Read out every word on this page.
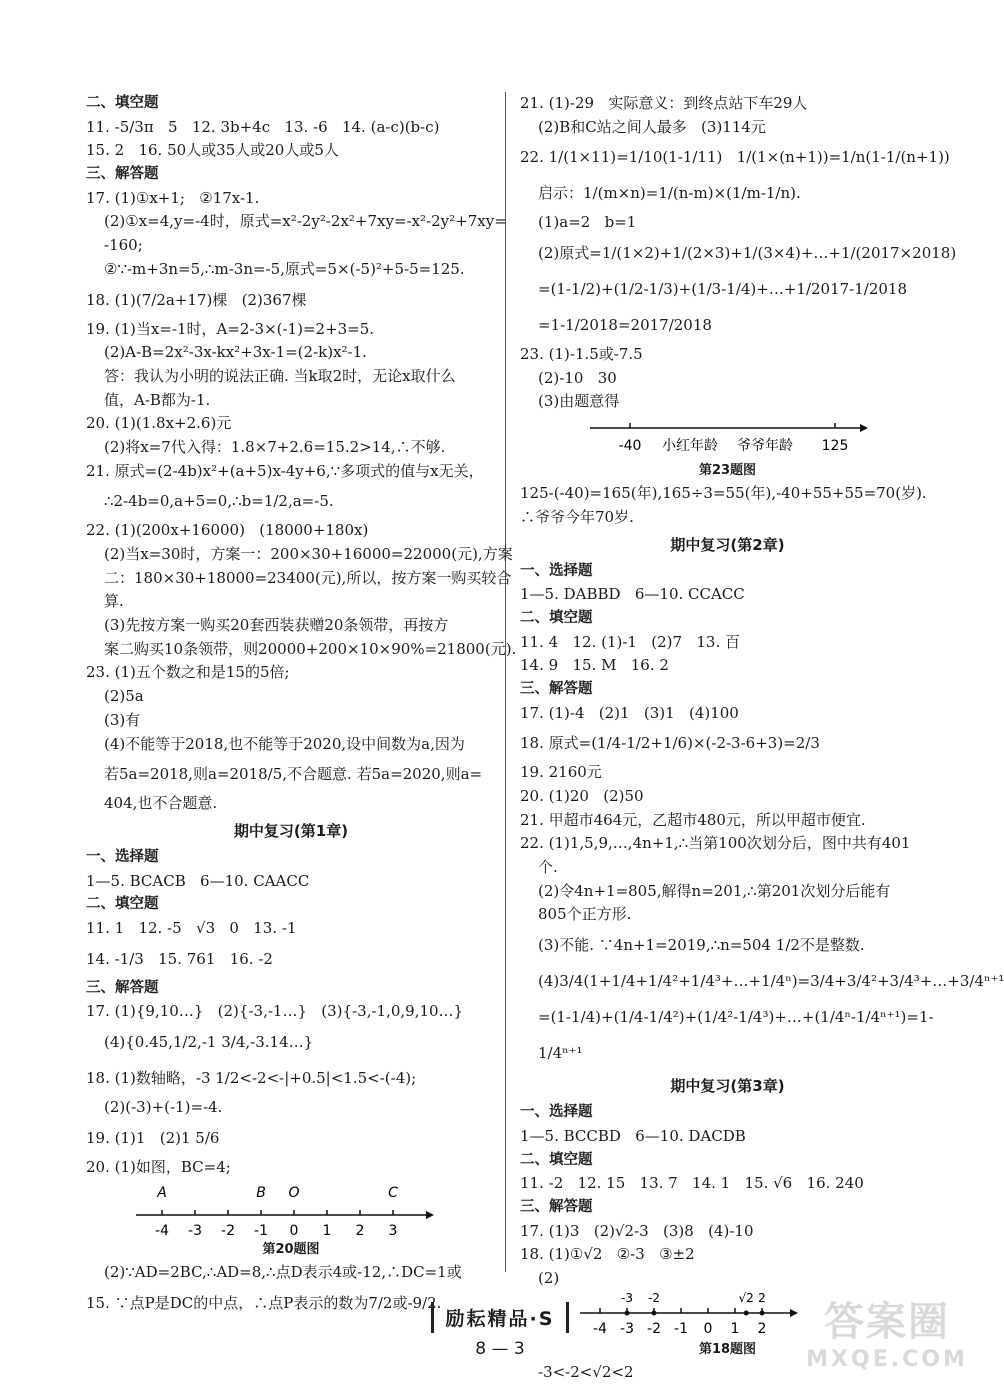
二、填空题
11. -5/3π   5   12. 3b+4c   13. -6   14. (a-c)(b-c)
15. 2   16. 50人或35人或20人或5人
三、解答题
17. (1)①x+1;   ②17x-1.
(2)①x=4,y=-4时，原式=x²-2y²-2x²+7xy=-x²-2y²+7xy=
-160;
②∵-m+3n=5,∴m-3n=-5,原式=5×(-5)²+5-5=125.
18. (1)(7/2a+17)棵   (2)367棵
19. (1)当x=-1时，A=2-3×(-1)=2+3=5.
(2)A-B=2x²-3x-kx²+3x-1=(2-k)x²-1.
答：我认为小明的说法正确. 当k取2时，无论x取什么
值，A-B都为-1.
20. (1)(1.8x+2.6)元
(2)将x=7代入得：1.8×7+2.6=15.2>14,∴不够.
21. 原式=(2-4b)x²+(a+5)x-4y+6,∵多项式的值与x无关，
∴2-4b=0,a+5=0,∴b=1/2,a=-5.
22. (1)(200x+16000)   (18000+180x)
(2)当x=30时，方案一：200×30+16000=22000(元),方案
二：180×30+18000=23400(元),所以，按方案一购买较合
算.
(3)先按方案一购买20套西装获赠20条领带，再按方
案二购买10条领带，则20000+200×10×90%=21800(元).
23. (1)五个数之和是15的5倍;
(2)5a
(3)有
(4)不能等于2018,也不能等于2020,设中间数为a,因为
若5a=2018,则a=2018/5,不合题意. 若5a=2020,则a=
404,也不合题意.
期中复习(第1章)
一、选择题
1—5. BCACB   6—10. CAACC
二、填空题
11. 1   12. -5   √3   0   13. -1
14. -1/3   15. 761   16. -2
三、解答题
17. (1){9,10…}   (2){-3,-1…}   (3){-3,-1,0,9,10…}
(4){0.45,1/2,-1 3/4,-3.14…}
18. (1)数轴略，-3 1/2<-2<-|+0.5|<1.5<-(-4);
(2)(-3)+(-1)=-4.
19. (1)1   (2)1 5/6
20. (1)如图，BC=4;
-4 -3 -2 -1 0 1 2 3
A	B O	C
第20题图
(2)∵AD=2BC,∴AD=8,∴点D表示4或-12,∴DC=1或
15. ∵点P是DC的中点，∴点P表示的数为7/2或-9/2.
21. (1)-29   实际意义：到终点站下车29人
(2)B和C站之间人最多   (3)114元
22. 1/(1×11)=1/10(1-1/11)   1/(1×(n+1))=1/n(1-1/(n+1))
启示：1/(m×n)=1/(n-m)×(1/m-1/n).
(1)a=2   b=1
(2)原式=1/(1×2)+1/(2×3)+1/(3×4)+…+1/(2017×2018)
=(1-1/2)+(1/2-1/3)+(1/3-1/4)+…+1/2017-1/2018
=1-1/2018=2017/2018
23. (1)-1.5或-7.5
(2)-10   30
(3)由题意得
-40 小红年龄 爷爷年龄 125
第23题图
125-(-40)=165(年),165÷3=55(年),-40+55+55=70(岁).
∴爷爷今年70岁.
期中复习(第2章)
一、选择题
1—5. DABBD   6—10. CCACC
二、填空题
11. 4   12. (1)-1   (2)7   13. 百
14. 9   15. M   16. 2
三、解答题
17. (1)-4   (2)1   (3)1   (4)100
18. 原式=(1/4-1/2+1/6)×(-2-3-6+3)=2/3
19. 2160元
20. (1)20   (2)50
21. 甲超市464元，乙超市480元，所以甲超市便宜.
22. (1)1,5,9,…,4n+1,∴当第100次划分后，图中共有401
个.
(2)令4n+1=805,解得n=201,∴第201次划分后能有
805个正方形.
(3)不能. ∵4n+1=2019,∴n=504 1/2不是整数.
(4)3/4(1+1/4+1/4²+1/4³+…+1/4ⁿ)=3/4+3/4²+3/4³+…+3/4ⁿ⁺¹
=(1-1/4)+(1/4-1/4²)+(1/4²-1/4³)+…+(1/4ⁿ-1/4ⁿ⁺¹)=1-
1/4ⁿ⁺¹
期中复习(第3章)
一、选择题
1—5. BCCBD   6—10. DACDB
二、填空题
11. -2   12. 15   13. 7   14. 1   15. √6   16. 240
三、解答题
17. (1)3   (2)√2-3   (3)8   (4)-10
18. (1)①√2   ②-3   ③±2
(2)
-4 -3 -2 -1 0 1 2
-3 -2	√2 2
第18题图
-3<-2<√2<2
励耘精品·S
8 — 3
答案圈
MXQE.COM
